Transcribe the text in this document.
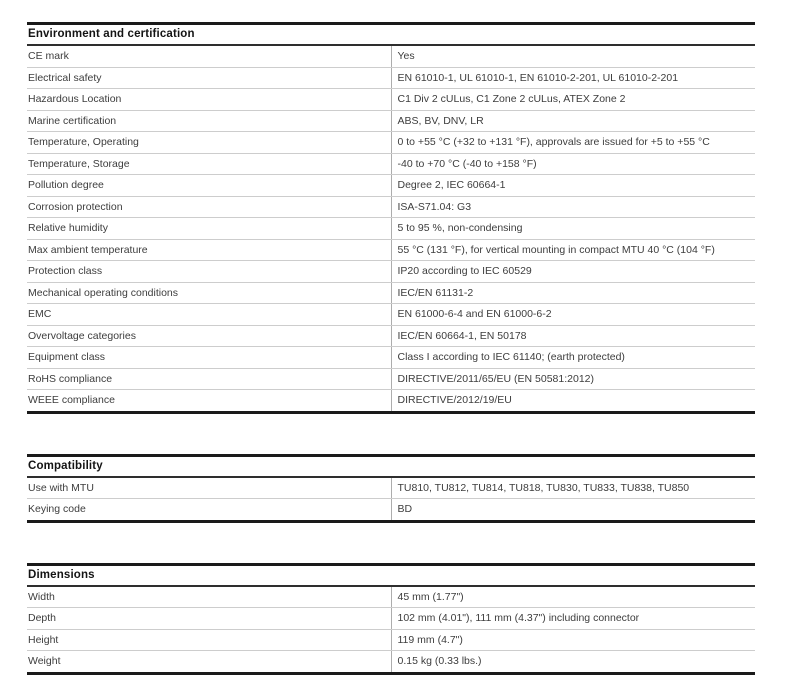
Environment and certification	
CE mark	Yes
Electrical safety	EN 61010-1, UL 61010-1, EN 61010-2-201, UL 61010-2-201
Hazardous Location	C1 Div 2 cULus, C1 Zone 2 cULus, ATEX Zone 2
Marine certification	ABS, BV, DNV, LR
Temperature, Operating	0 to +55 °C (+32 to +131 °F), approvals are issued for +5 to +55 °C
Temperature, Storage	-40 to +70 °C (-40 to +158 °F)
Pollution degree	Degree 2, IEC 60664-1
Corrosion protection	ISA-S71.04: G3
Relative humidity	5 to 95 %, non-condensing
Max ambient temperature	55 °C (131 °F), for vertical mounting in compact MTU 40 °C (104 °F)
Protection class	IP20 according to IEC 60529
Mechanical operating conditions	IEC/EN 61131-2
EMC	EN 61000-6-4 and EN 61000-6-2
Overvoltage categories	IEC/EN 60664-1, EN 50178
Equipment class	Class I according to IEC 61140; (earth protected)
RoHS compliance	DIRECTIVE/2011/65/EU (EN 50581:2012)
WEEE compliance	DIRECTIVE/2012/19/EU
Compatibility	
Use with MTU	TU810, TU812, TU814, TU818, TU830, TU833, TU838, TU850
Keying code	BD
Dimensions	
Width	45 mm (1.77")
Depth	102 mm (4.01"), 111 mm (4.37") including connector
Height	119 mm (4.7")
Weight	0.15 kg (0.33 lbs.)
